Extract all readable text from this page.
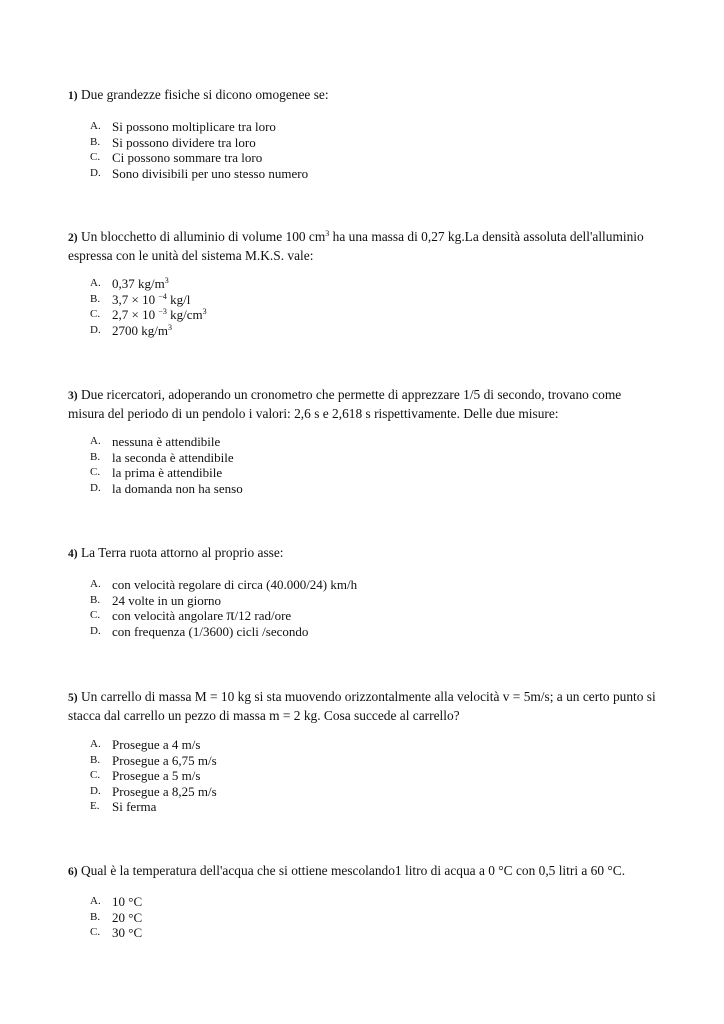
1) Due grandezze fisiche si dicono omogenee se:
A. Si possono moltiplicare tra loro
B. Si possono dividere tra loro
C. Ci possono sommare tra loro
D. Sono divisibili per uno stesso numero
2) Un blocchetto di alluminio di volume 100 $cm^3$ ha una massa di 0,27 kg.La densità assoluta dell'alluminio espressa con le unità del sistema M.K.S. vale:
A. 0,37 $kg/m^3$
B. 3,7 × 10 $^{-4}$ kg/l
C. 2,7 × 10 $^{-3}$ $kg/cm^3$
D. 2700 $kg/m^3$
3) Due ricercatori, adoperando un cronometro che permette di apprezzare 1/5 di secondo, trovano come misura del periodo di un pendolo i valori: 2,6 s e 2,618 s rispettivamente. Delle due misure:
A. nessuna è attendibile
B. la seconda è attendibile
C. la prima è attendibile
D. la domanda non ha senso
4) La Terra ruota attorno al proprio asse:
A. con velocità regolare di circa (40.000/24) km/h
B. 24 volte in un giorno
C. con velocità angolare π/12 rad/ore
D. con frequenza (1/3600) cicli /secondo
5) Un carrello di massa M = 10 kg si sta muovendo orizzontalmente alla velocità v = 5m/s; a un certo punto si stacca dal carrello un pezzo di massa m = 2 kg. Cosa succede al carrello?
A. Prosegue a 4 m/s
B. Prosegue a 6,75 m/s
C. Prosegue a 5 m/s
D. Prosegue a 8,25 m/s
E. Si ferma
6) Qual è la temperatura dell'acqua che si ottiene mescolando1 litro di acqua a 0 °C con 0,5 litri a 60 °C.
A. 10 °C
B. 20 °C
C. 30 °C
